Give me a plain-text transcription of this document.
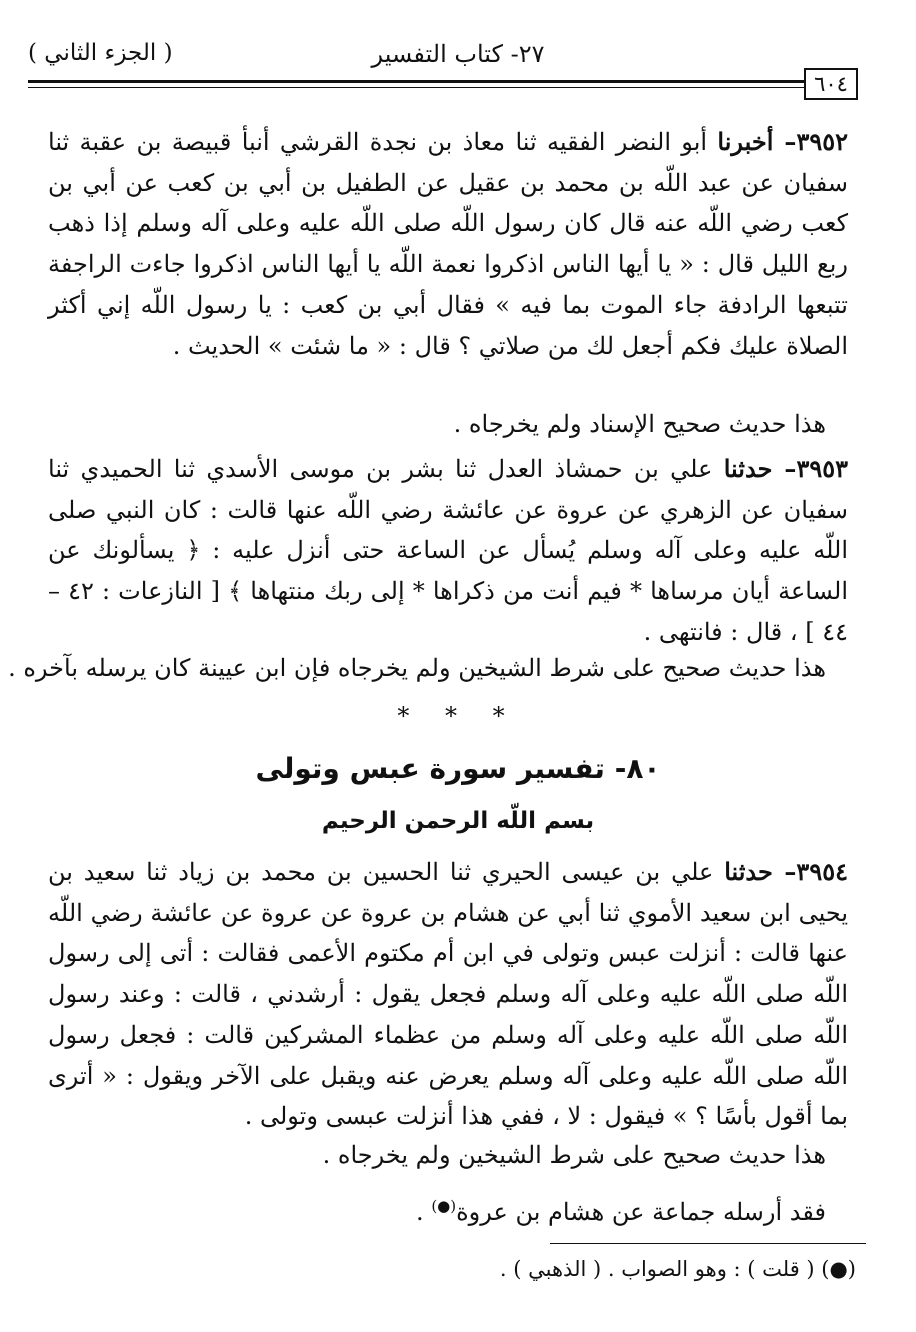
٢٧- كتاب التفسير
( الجزء الثاني )
٦٠٤
٣٩٥٢– أخبرنا أبو النضر الفقيه ثنا معاذ بن نجدة القرشي أنبأ قبيصة بن عقبة ثنا سفيان عن عبد اللّه بن محمد بن عقيل عن الطفيل بن أبي بن كعب عن أبي بن كعب رضي اللّه عنه قال كان رسول اللّه صلى اللّه عليه وعلى آله وسلم إذا ذهب ربع الليل قال : « يا أيها الناس اذكروا نعمة اللّه يا أيها الناس اذكروا جاءت الراجفة تتبعها الرادفة جاء الموت بما فيه » فقال أبي بن كعب : يا رسول اللّه إني أكثر الصلاة عليك فكم أجعل لك من صلاتي ؟ قال : « ما شئت » الحديث .
هذا حديث صحيح الإسناد ولم يخرجاه .
٣٩٥٣– حدثنا علي بن حمشاذ العدل ثنا بشر بن موسى الأسدي ثنا الحميدي ثنا سفيان عن الزهري عن عروة عن عائشة رضي اللّه عنها قالت : كان النبي صلى اللّه عليه وعلى آله وسلم يُسأل عن الساعة حتى أنزل عليه : ﴿ يسألونك عن الساعة أيان مرساها * فيم أنت من ذكراها * إلى ربك منتهاها ﴾ [ النازعات : ٤٢ – ٤٤ ] ، قال : فانتهى .
هذا حديث صحيح على شرط الشيخين ولم يخرجاه فإن ابن عيينة كان يرسله بآخره .
* * *
٨٠- تفسير سورة عبس وتولى
بسم اللّه الرحمن الرحيم
٣٩٥٤– حدثنا علي بن عيسى الحيري ثنا الحسين بن محمد بن زياد ثنا سعيد بن يحيى ابن سعيد الأموي ثنا أبي عن هشام بن عروة عن عروة عن عائشة رضي اللّه عنها قالت : أنزلت عبس وتولى في ابن أم مكتوم الأعمى فقالت : أتى إلى رسول اللّه صلى اللّه عليه وعلى آله وسلم فجعل يقول : أرشدني ، قالت : وعند رسول اللّه صلى اللّه عليه وعلى آله وسلم من عظماء المشركين قالت : فجعل رسول اللّه صلى اللّه عليه وعلى آله وسلم يعرض عنه ويقبل على الآخر ويقول : « أترى بما أقول بأسًا ؟ » فيقول : لا ، ففي هذا أنزلت عبسى وتولى .
هذا حديث صحيح على شرط الشيخين ولم يخرجاه .
فقد أرسله جماعة عن هشام بن عروة(●) .
(●) ( قلت ) : وهو الصواب . ( الذهبي ) .
